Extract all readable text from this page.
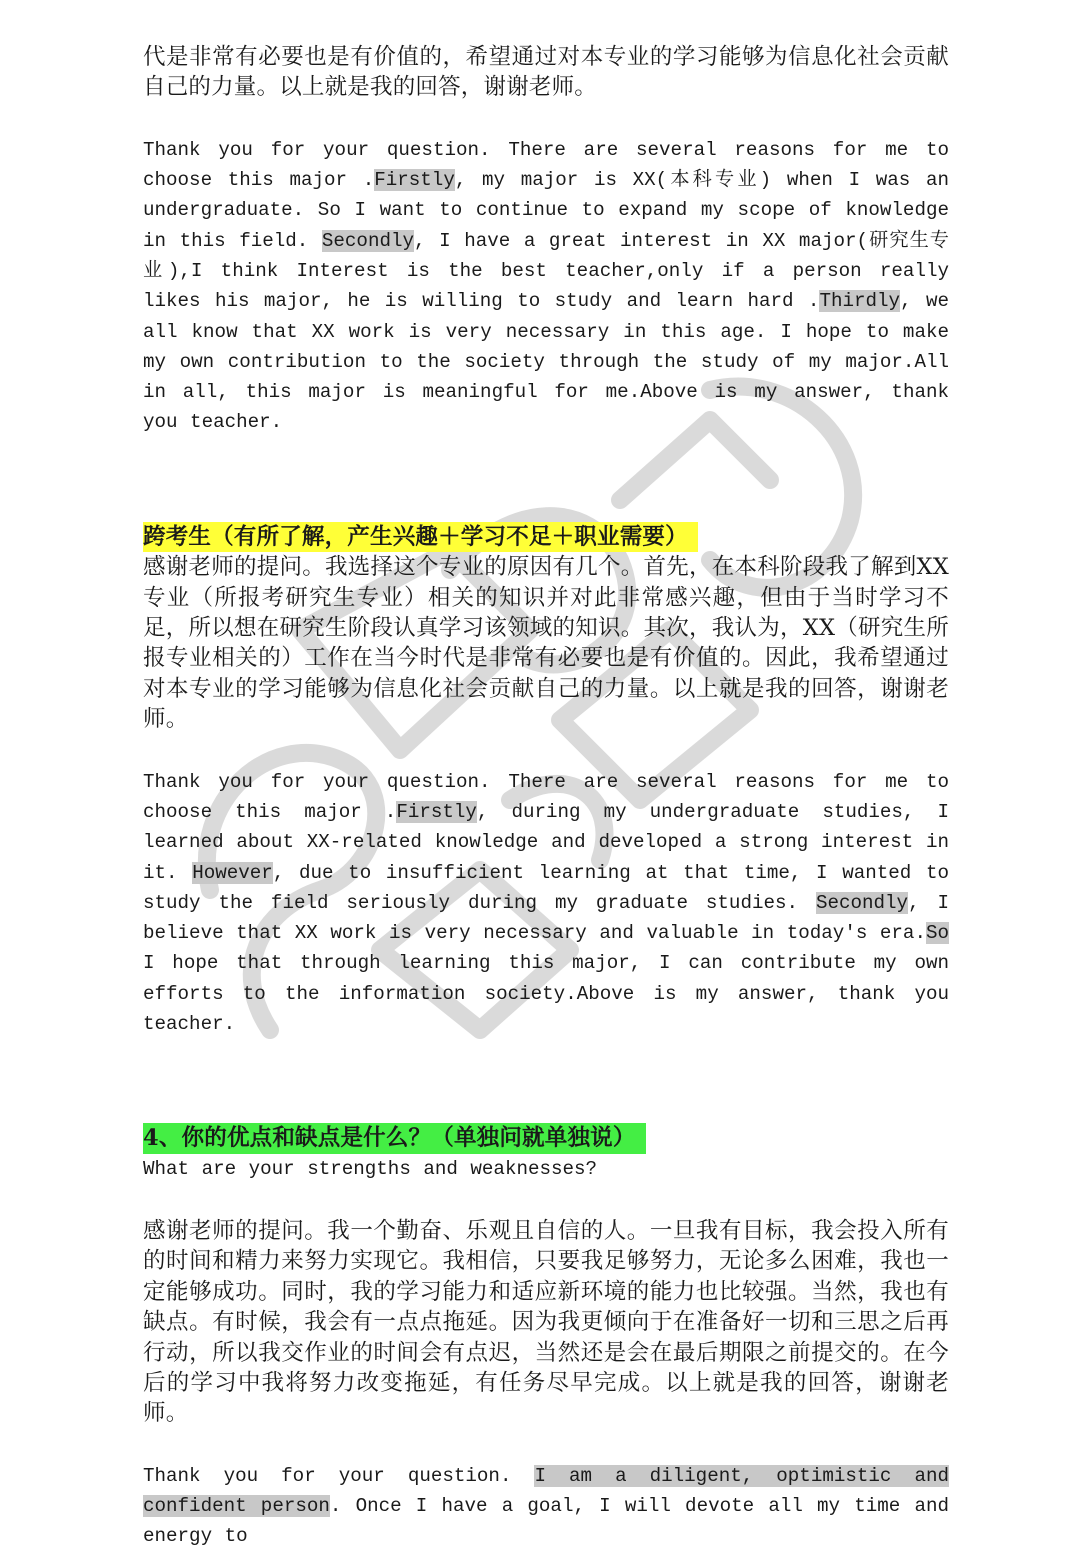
代是非常有必要也是有价值的，希望通过对本专业的学习能够为信息化社会贡献自己的力量。以上就是我的回答，谢谢老师。

Thank you for your question. There are several reasons for me to choose this major .Firstly, my major is XX(本科专业) when I was an undergraduate. So I want to continue to expand my scope of knowledge in this field. Secondly, I have a great interest in XX major(研究生专业),I think Interest is the best teacher,only if a person really likes his major, he is willing to study and learn hard .Thirdly, we all know that XX work is very necessary in this age. I hope to make my own contribution to the society through the study of my major.All in all, this major is meaningful for me.Above is my answer, thank you teacher.

跨考生（有所了解，产生兴趣＋学习不足＋职业需要）

感谢老师的提问。我选择这个专业的原因有几个。首先，在本科阶段我了解到XX 专业（所报考研究生专业）相关的知识并对此非常感兴趣，但由于当时学习不足，所以想在研究生阶段认真学习该领域的知识。其次，我认为，XX（研究生所报专业相关的）工作在当今时代是非常有必要也是有价值的。因此，我希望通过对本专业的学习能够为信息化社会贡献自己的力量。以上就是我的回答，谢谢老师。

Thank you for your question. There are several reasons for me to choose this major .Firstly, during my undergraduate studies, I learned about XX-related knowledge and developed a strong interest in it. However, due to insufficient learning at that time, I wanted to study the field seriously during my graduate studies. Secondly, I believe that XX work is very necessary and valuable in today's era.So I hope that through learning this major, I can contribute my own efforts to the information society.Above is my answer, thank you teacher.

4、你的优点和缺点是什么？（单独问就单独说）

What are your strengths and weaknesses?

感谢老师的提问。我一个勤奋、乐观且自信的人。一旦我有目标，我会投入所有的时间和精力来努力实现它。我相信，只要我足够努力，无论多么困难，我也一定能够成功。同时，我的学习能力和适应新环境的能力也比较强。当然，我也有缺点。有时候，我会有一点点拖延。因为我更倾向于在准备好一切和三思之后再行动，所以我交作业的时间会有点迟，当然还是会在最后期限之前提交的。在今后的学习中我将努力改变拖延，有任务尽早完成。以上就是我的回答，谢谢老师。

Thank you for your question. I am a diligent, optimistic and confident person. Once I have a goal, I will devote all my time and energy to
